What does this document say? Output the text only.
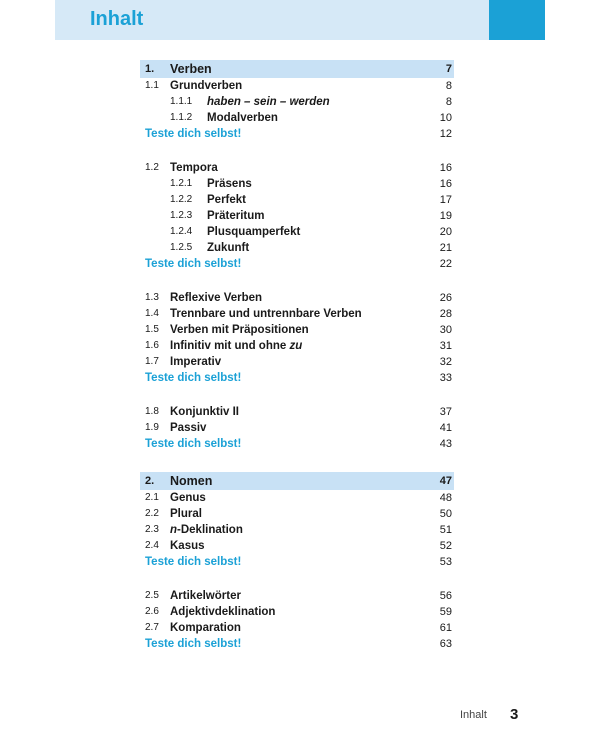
Inhalt
1. Verben	7
1.1 Grundverben	8
1.1.1 haben – sein – werden	8
1.1.2 Modalverben	10
Teste dich selbst!	12
1.2 Tempora	16
1.2.1 Präsens	16
1.2.2 Perfekt	17
1.2.3 Präteritum	19
1.2.4 Plusquamperfekt	20
1.2.5 Zukunft	21
Teste dich selbst!	22
1.3 Reflexive Verben	26
1.4 Trennbare und untrennbare Verben	28
1.5 Verben mit Präpositionen	30
1.6 Infinitiv mit und ohne zu	31
1.7 Imperativ	32
Teste dich selbst!	33
1.8 Konjunktiv II	37
1.9 Passiv	41
Teste dich selbst!	43
2. Nomen	47
2.1 Genus	48
2.2 Plural	50
2.3 n-Deklination	51
2.4 Kasus	52
Teste dich selbst!	53
2.5 Artikelwörter	56
2.6 Adjektivdeklination	59
2.7 Komparation	61
Teste dich selbst!	63
Inhalt 3
